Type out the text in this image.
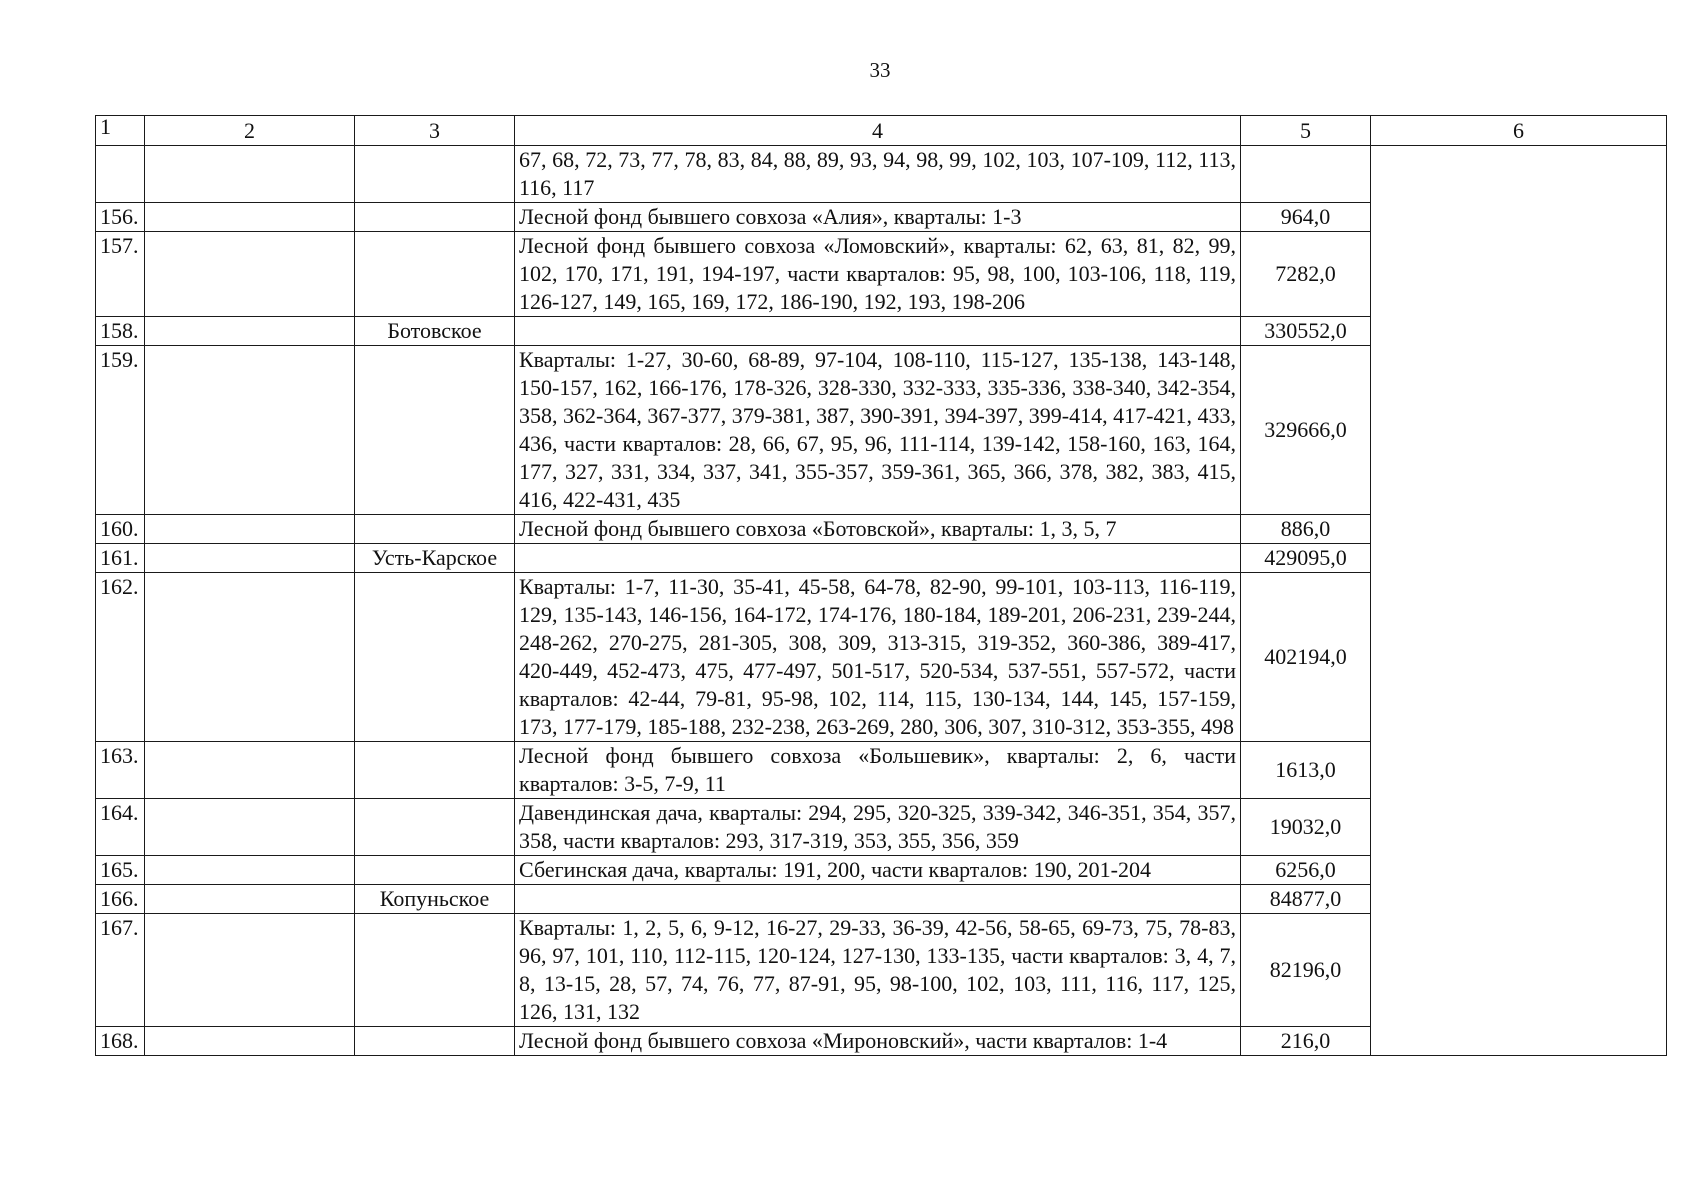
33
1	2	3	4	5	6
			67, 68, 72, 73, 77, 78, 83, 84, 88, 89, 93, 94, 98, 99, 102, 103, 107-109, 112, 113, 116, 117		
156.			Лесной фонд бывшего совхоза «Алия», кварталы: 1-3	964,0	
157.			Лесной фонд бывшего совхоза «Ломовский», кварталы: 62, 63, 81, 82, 99, 102, 170, 171, 191, 194-197, части кварталов: 95, 98, 100, 103-106, 118, 119, 126-127, 149, 165, 169, 172, 186-190, 192, 193, 198-206	7282,0	
158.		Ботовское		330552,0	
159.			Кварталы: 1-27, 30-60, 68-89, 97-104, 108-110, 115-127, 135-138, 143-148, 150-157, 162, 166-176, 178-326, 328-330, 332-333, 335-336, 338-340, 342-354, 358, 362-364, 367-377, 379-381, 387, 390-391, 394-397, 399-414, 417-421, 433, 436, части кварталов: 28, 66, 67, 95, 96, 111-114, 139-142, 158-160, 163, 164, 177, 327, 331, 334, 337, 341, 355-357, 359-361, 365, 366, 378, 382, 383, 415, 416, 422-431, 435	329666,0	
160.			Лесной фонд бывшего совхоза «Ботовской», кварталы: 1, 3, 5, 7	886,0	
161.		Усть-Карское		429095,0	
162.			Кварталы: 1-7, 11-30, 35-41, 45-58, 64-78, 82-90, 99-101, 103-113, 116-119, 129, 135-143, 146-156, 164-172, 174-176, 180-184, 189-201, 206-231, 239-244, 248-262, 270-275, 281-305, 308, 309, 313-315, 319-352, 360-386, 389-417, 420-449, 452-473, 475, 477-497, 501-517, 520-534, 537-551, 557-572, части кварталов: 42-44, 79-81, 95-98, 102, 114, 115, 130-134, 144, 145, 157-159, 173, 177-179, 185-188, 232-238, 263-269, 280, 306, 307, 310-312, 353-355, 498	402194,0	
163.			Лесной фонд бывшего совхоза «Большевик», кварталы: 2, 6, части кварталов: 3-5, 7-9, 11	1613,0	
164.			Давендинская дача, кварталы: 294, 295, 320-325, 339-342, 346-351, 354, 357, 358, части кварталов: 293, 317-319, 353, 355, 356, 359	19032,0	
165.			Сбегинская дача, кварталы: 191, 200, части кварталов: 190, 201-204	6256,0	
166.		Копуньское		84877,0	
167.			Кварталы: 1, 2, 5, 6, 9-12, 16-27, 29-33, 36-39, 42-56, 58-65, 69-73, 75, 78-83, 96, 97, 101, 110, 112-115, 120-124, 127-130, 133-135, части кварталов: 3, 4, 7, 8, 13-15, 28, 57, 74, 76, 77, 87-91, 95, 98-100, 102, 103, 111, 116, 117, 125, 126, 131, 132	82196,0	
168.			Лесной фонд бывшего совхоза «Мироновский», части кварталов: 1-4	216,0	
